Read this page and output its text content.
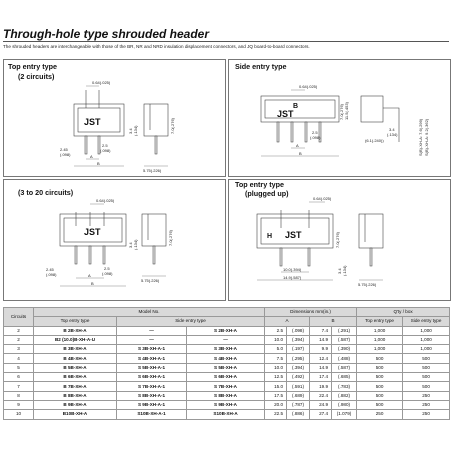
Through-hole type shrouded header
The shrouded headers are interchangeable with those of the BR, NR and NRD insulation displacement connectors, and JQ board-to-board connectors.
Top entry type
(2 circuits)
0.64(.025)
JST
A
B
2.5
(.098)
2.45
(.098)
3.4 (.134)	7.0(.276)
5.75(.226)
Side entry type
0.64(.025)
B
JST
A
B
2.5
(.098)
7.0(.276) 11.5(.453)
3.4
(.134)
(6.1(.240))	S(B)-XH-A: 7.6(.299) S(B)-XH-A: 9.2(.362)
(3 to 20 circuits)
0.64(.025)
JST
A
B
2.5
(.098)
2.45
(.098)
3.4 (.134)	7.0(.276)
5.75(.226)
Top entry type
(plugged up)
0.64(.025)
H JST
10.0(.394)
14.9(.587)
7.0(.276)
3.4 (.134)
5.75(.226)
Circuits	Model No.			Dimensions mm(in.)				Q'ty / box	
	Top entry type	Side entry type		A		B		Top entry type	Side entry type
2	B 2B-XH-A	—	S 2B-XH-A	2.5	(.098)	7.4	(.291)	1,000	1,000
2	B2 (10.0)B-XH-A-U	—	—	10.0	(.394)	14.9	(.587)	1,000	1,000
3	B 3B-XH-A	S 3B-XH-A-1	S 3B-XH-A	5.0	(.197)	9.9	(.390)	1,000	1,000
4	B 4B-XH-A	S 4B-XH-A-1	S 4B-XH-A	7.5	(.295)	12.4	(.488)	500	500
5	B 5B-XH-A	S 5B-XH-A-1	S 5B-XH-A	10.0	(.394)	14.9	(.587)	500	500
6	B 6B-XH-A	S 6B-XH-A-1	S 6B-XH-A	12.5	(.492)	17.4	(.685)	500	500
7	B 7B-XH-A	S 7B-XH-A-1	S 7B-XH-A	15.0	(.591)	19.9	(.783)	500	500
8	B 8B-XH-A	S 8B-XH-A-1	S 8B-XH-A	17.5	(.689)	22.4	(.882)	500	250
9	B 9B-XH-A	S 9B-XH-A-1	S 9B-XH-A	20.0	(.787)	24.9	(.980)	500	250
10	B10B-XH-A	S10B-XH-A-1	S10B-XH-A	22.5	(.886)	27.4	(1.079)	250	250
